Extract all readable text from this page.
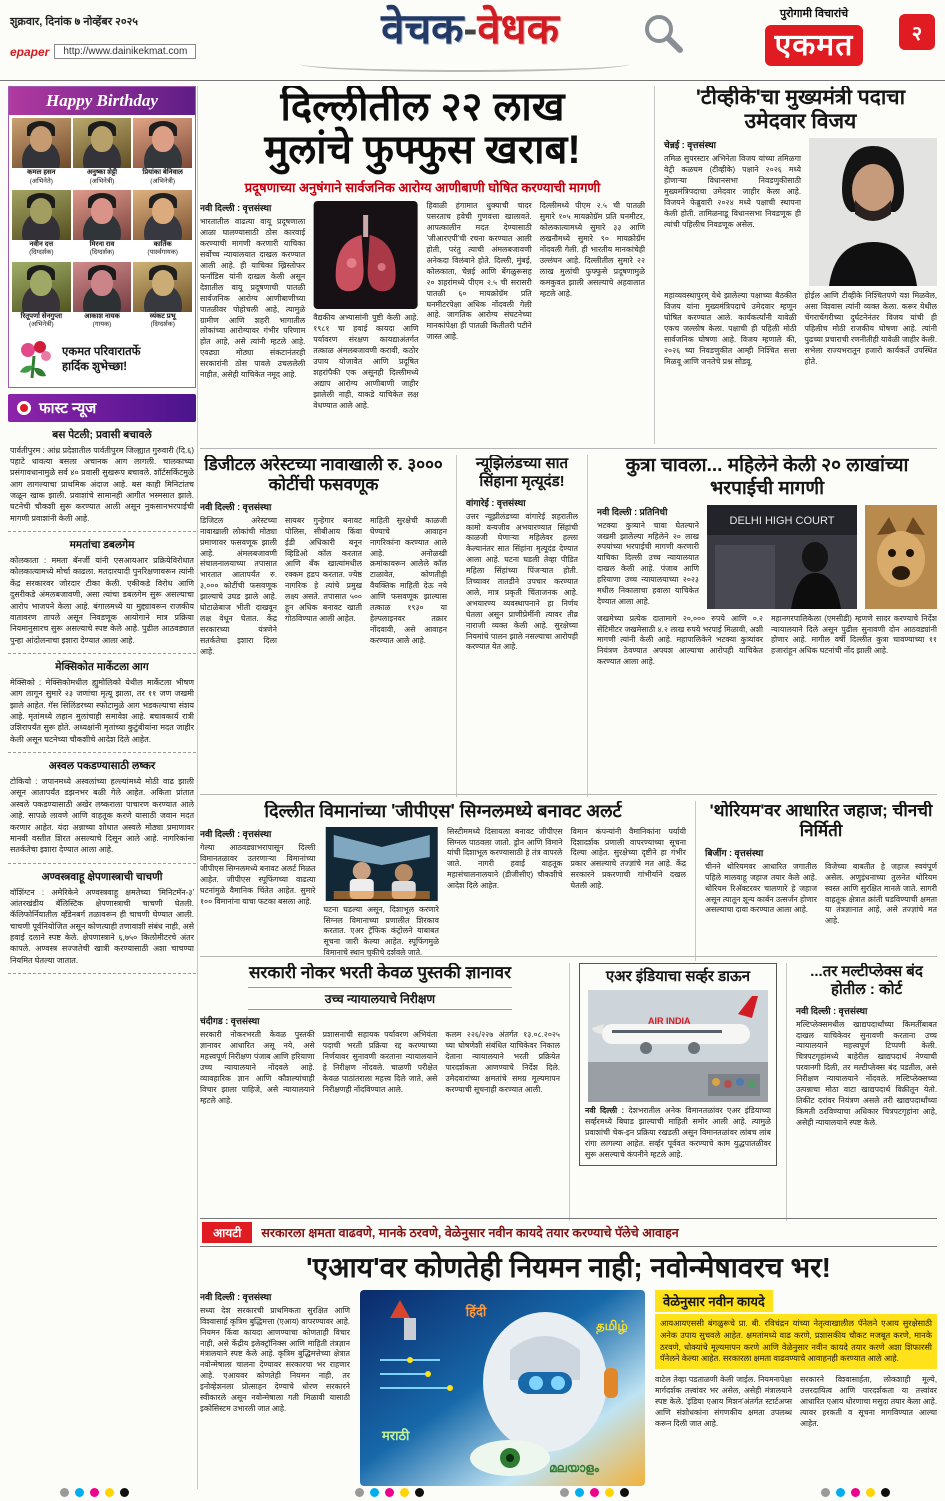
शुक्रवार, दिनांक ७ नोव्हेंबर २०२५
epaper	http://www.dainikekmat.com	वेचक-वेधक	पुरोगामी विचारांचे
एकमत	२
Happy Birthday
कमल हसन
(अभिनेते)
अनुष्का शेट्टी
(अभिनेत्री)
प्रियांका बेनिवाल
(अभिनेत्री)
नवीन दत्त
(दिग्दर्शक)
मिरना राव
(दिग्दर्शक)
कार्तिक
(पार्श्वगायक)
रितूपर्णा सेनगुप्ता
(अभिनेत्री)
आकाश नायक
(गायक)
व्यंकट प्रभू
(दिग्दर्शक)
एकमत परिवारातर्फे
हार्दिक शुभेच्छा!
फास्ट न्यूज
बस पेटली; प्रवासी बचावले

पार्वतीपुरम : आंध्र प्रदेशातील पार्वतीपुरम जिल्ह्यात गुरुवारी (दि.६) पहाटे धावत्या बसला अचानक आग लागली. चालकाच्या प्रसंगावधानामुळे सर्व ४० प्रवासी सुखरूप बचावले. शॉर्टसर्किटमुळे आग लागल्याचा प्राथमिक अंदाज आहे. बस काही मिनिटांतच जळून खाक झाली. प्रवाशांचे सामानही आगीत भस्मसात झाले. घटनेची चौकशी सुरू करण्यात आली असून नुकसानभरपाईची मागणी प्रवाशांनी केली आहे.

ममतांचा डबलगेम

कोलकाता : ममता बॅनर्जी यांनी एसआयआर प्रक्रियेविरोधात कोलकात्यामध्ये मोर्चा काढला. मतदारयादी पुनरिक्षणावरून त्यांनी केंद्र सरकारवर जोरदार टीका केली. एकीकडे विरोध आणि दुसरीकडे अंमलबजावणी, असा त्यांचा डबलगेम सुरू असल्याचा आरोप भाजपने केला आहे. बंगालमध्ये या मुद्द्यावरून राजकीय वातावरण तापले असून निवडणूक आयोगाने मात्र प्रक्रिया नियमानुसारच सुरू असल्याचे स्पष्ट केले आहे. पुढील आठवड्यात पुन्हा आंदोलनाचा इशारा देण्यात आला आहे.

मेक्सिकोत मार्केटला आग

मेक्सिको : मेक्सिकोमधील ह्युमोलिको येथील मार्केटला भीषण आग लागून सुमारे २३ जणांचा मृत्यू झाला, तर ११ जण जखमी झाले आहेत. गॅस सिलिंडरच्या स्फोटामुळे आग भडकल्याचा संशय आहे. मृतांमध्ये लहान मुलांचाही समावेश आहे. बचावकार्य रात्री उशिरापर्यंत सुरू होते. अध्यक्षांनी मृतांच्या कुटुंबीयांना मदत जाहीर केली असून घटनेच्या चौकशीचे आदेश दिले आहेत.

अस्वल पकडण्यासाठी लष्कर

टोकियो : जपानमध्ये अस्वलांच्या हल्ल्यांमध्ये मोठी वाढ झाली असून आतापर्यंत डझनभर बळी गेले आहेत. अकिता प्रांतात अस्वले पकडण्यासाठी अखेर लष्कराला पाचारण करण्यात आले आहे. सापळे लावणे आणि वाहतूक करणे यासाठी जवान मदत करणार आहेत. यंदा अन्नाच्या शोधात अस्वले मोठ्या प्रमाणावर मानवी वस्तीत शिरत असल्याचे दिसून आले आहे. नागरिकांना सतर्कतेचा इशारा देण्यात आला आहे.

अण्वस्त्रवाहू क्षेपणास्त्राची चाचणी

वॉशिंग्टन : अमेरिकेने अण्वस्त्रवाहू क्षमतेच्या 'मिनिटमॅन-३' आंतरखंडीय बॅलिस्टिक क्षेपणास्त्राची चाचणी घेतली. कॅलिफोर्नियातील व्हँडेनबर्ग तळावरून ही चाचणी घेण्यात आली. चाचणी पूर्वनियोजित असून कोणत्याही तणावाशी संबंध नाही, असे हवाई दलाने स्पष्ट केले. क्षेपणास्त्राने ६,७५० किलोमीटरचे अंतर कापले. अण्वस्त्र सज्जतेची खात्री करण्यासाठी अशा चाचण्या नियमित घेतल्या जातात.

दिल्लीतील २२ लाख
मुलांचे फुफ्फुस खराब!
प्रदूषणाच्या अनुषंगाने सार्वजनिक आरोग्य आणीबाणी घोषित करण्याची मागणी
नवी दिल्ली : वृत्तसंस्था

भारतातील वाढत्या वायू प्रदूषणाला आळा घालण्यासाठी ठोस कारवाई करण्याची मागणी करणारी याचिका सर्वोच्च न्यायालयात दाखल करण्यात आली आहे. ही याचिका ख्रिस्तोफर फर्नांडिस यांनी दाखल केली असून देशातील वायू प्रदूषणाची पातळी सार्वजनिक आरोग्य आणीबाणीच्या पातळीवर पोहोचली आहे, त्यामुळे ग्रामीण आणि शहरी भागातील लोकांच्या आरोग्यावर गंभीर परिणाम होत आहे, असे त्यांनी म्हटले आहे. एवढ्या मोठ्या संकटानंतरही सरकारांनी ठोस पावले उचललेली नाहीत, असेही याचिकेत नमूद आहे.

वैद्यकीय अभ्यासांनी पुष्टी केली आहे. १९८१ चा हवाई कायदा आणि पर्यावरण संरक्षण कायद्याअंतर्गत तत्काळ अंमलबजावणी करावी, कठोर उपाय योजावेत आणि प्रदूषित शहरांपैकी एक असूनही दिल्लीमध्ये अद्याप आरोग्य आणीबाणी जाहीर झालेली नाही, याकडे याचिकेत लक्ष वेधण्यात आले आहे.

हिवाळी हंगामात धुक्याची चादर पसरताच हवेची गुणवत्ता खालावते. आपत्कालीन मदत देण्यासाठी 'जीआरएपी'ची रचना करण्यात आली होती, परंतु त्याची अंमलबजावणी अनेकदा विलंबाने होते. दिल्ली, मुंबई, कोलकाता, चेन्नई आणि बेंगळुरूसह २० शहरांमध्ये पीएम २.५ ची सरासरी पातळी ६० मायक्रोग्रॅम प्रति घनमीटरपेक्षा अधिक नोंदवली गेली आहे. जागतिक आरोग्य संघटनेच्या मानकांपेक्षा ही पातळी कितीतरी पटीने जास्त आहे.

दिल्लीमध्ये पीएम २.५ ची पातळी सुमारे १०५ मायक्रोग्रॅम प्रति घनमीटर, कोलकात्यामध्ये सुमारे ३३ आणि लखनौमध्ये सुमारे ९० मायक्रोग्रॅम नोंदवली गेली. ही भारतीय मानकांचेही उल्लंघन आहे. दिल्लीतील सुमारे २२ लाख मुलांची फुफ्फुसे प्रदूषणामुळे कमकुवत झाली असल्याचे अहवालात म्हटले आहे.

'टीव्हीके'चा मुख्यमंत्री पदाचा उमेदवार विजय
चेन्नई : वृत्तसंस्था

तमिळ सुपरस्टार अभिनेता विजय यांच्या तमिळगा वेट्री कळघम (टीव्हीके) पक्षाने २०२६ मध्ये होणाऱ्या विधानसभा निवडणुकीसाठी मुख्यमंत्रिपदाचा उमेदवार जाहीर केला आहे. विजयने फेब्रुवारी २०२४ मध्ये पक्षाची स्थापना केली होती. तामिळनाडू विधानसभा निवडणूक ही त्यांची पहिलीच निवडणूक असेल.

महाव्यवस्थापुरम् येथे झालेल्या पक्षाच्या बैठकीत विजय यांना मुख्यमंत्रिपदाचे उमेदवार म्हणून घोषित करण्यात आले. कार्यकर्त्यांनी यावेळी एकच जल्लोष केला. पक्षाची ही पहिली मोठी सार्वजनिक घोषणा आहे. विजय म्हणाले की, २०२६ च्या निवडणुकीत आम्ही निश्चित सत्ता मिळवू आणि जनतेचे प्रश्न सोडवू.

होईल आणि टीव्हीके निश्चितपणे यश मिळवेल, असा विश्वास त्यांनी व्यक्त केला. करूर येथील चेंगराचेंगरीच्या दुर्घटनेनंतर विजय यांची ही पहिलीच मोठी राजकीय घोषणा आहे. त्यांनी पुढच्या प्रचाराची रणनीतीही यावेळी जाहीर केली. सभेला राज्यभरातून हजारो कार्यकर्ते उपस्थित होते.

डिजीटल अरेस्टच्या नावाखाली रु. ३००० कोटींची फसवणूक
नवी दिल्ली : वृत्तसंस्था

डिजिटल अरेस्टच्या नावाखाली लोकांची मोठ्या प्रमाणावर फसवणूक झाली आहे. अंमलबजावणी संचालनालयाच्या तपासात भारतात आतापर्यंत रु. ३,००० कोटींची फसवणूक झाल्याचे उघड झाले आहे. घोटाळेबाज भीती दाखवून लक्ष वेधून घेतात. केंद्र सरकारच्या यंत्रणेने सतर्कतेचा इशारा दिला आहे.

सायबर गुन्हेगार बनावट पोलिस, सीबीआय किंवा ईडी अधिकारी बनून व्हिडिओ कॉल करतात आणि बँक खात्यांमधील रक्कम हडप करतात. ज्येष्ठ नागरिक हे त्यांचे प्रमुख लक्ष्य असते. तपासात ५०० हून अधिक बनावट खाती गोठविण्यात आली आहेत.

माहिती सुरक्षेची काळजी घेण्याचे आवाहन नागरिकांना करण्यात आले आहे. अनोळखी क्रमांकावरून आलेले कॉल टाळावेत, कोणतीही वैयक्तिक माहिती देऊ नये आणि फसवणूक झाल्यास तत्काळ १९३० या हेल्पलाइनवर तक्रार नोंदवावी, असे आवाहन करण्यात आले आहे.

न्यूझिलंडच्या सात सिंहाना मृत्यूदंड!
वांगारेई : वृत्तसंस्था

उत्तर न्यूझीलंडच्या वांगारेई शहरातील कामो वन्यजीव अभयारण्यात सिंहांची काळजी घेणाऱ्या महिलेवर हल्ला केल्यानंतर सात सिंहांना मृत्यूदंड देण्यात आला आहे. घटना घडली तेव्हा पीडित महिला सिंहांच्या पिंजऱ्यात होती. तिच्यावर तातडीने उपचार करण्यात आले, मात्र प्रकृती चिंताजनक आहे. अभयारण्य व्यवस्थापनाने हा निर्णय घेतला असून प्राणीप्रेमींनी त्यावर तीव्र नाराजी व्यक्त केली आहे. सुरक्षेच्या नियमांचे पालन झाले नसल्याचा आरोपही करण्यात येत आहे.

कुत्रा चावला... महिलेने केली २० लाखांच्या भरपाईची मागणी
नवी दिल्ली : प्रतिनिधी

भटक्या कुत्र्याने चावा घेतल्याने जखमी झालेल्या महिलेने २० लाख रुपयांच्या भरपाईची मागणी करणारी याचिका दिल्ली उच्च न्यायालयात दाखल केली आहे. पंजाब आणि हरियाणा उच्च न्यायालयाच्या २०२३ मधील निकालाचा हवाला याचिकेत देण्यात आला आहे.

DELHI HIGH COURT

जखमेच्या प्रत्येक दातामागे २०,००० रुपये आणि ०.२ सेंटिमीटर जखमेसाठी ४.२ लाख रुपये भरपाई मिळावी, अशी मागणी त्यांनी केली आहे. महापालिकेने भटक्या कुत्र्यांवर नियंत्रण ठेवण्यात अपयश आल्याचा आरोपही याचिकेत करण्यात आला आहे.

महानगरपालिकेला (एमसीडी) म्हणणे सादर करण्याचे निर्देश न्यायालयाने दिले असून पुढील सुनावणी दोन आठवड्यांनी होणार आहे. मागील वर्षी दिल्लीत कुत्रा चावण्याच्या ११ हजारांहून अधिक घटनांची नोंद झाली आहे.

दिल्लीत विमानांच्या 'जीपीएस' सिग्नलमध्ये बनावट अलर्ट
नवी दिल्ली : वृत्तसंस्था

गेल्या आठवड्याभरापासून दिल्ली विमानतळावर उतरणाऱ्या विमानांच्या जीपीएस सिग्नलमध्ये बनावट अलर्ट मिळत आहेत. जीपीएस स्पूफिंगच्या वाढत्या घटनांमुळे वैमानिक चिंतेत आहेत. सुमारे १०० विमानांना याचा फटका बसला आहे.

घटना घडल्या असून, दिशाभूल करणारे सिग्नल विमानाच्या प्रणालीत शिरकाव करतात. एअर ट्रॅफिक कंट्रोलने याबाबत सूचना जारी केल्या आहेत. स्पूफिंगमुळे विमानाचे स्थान चुकीचे दर्शवले जाते.

सिस्टीममध्ये दिसायला बनावट जीपीएस सिग्नल पाठवला जातो. ड्रोन आणि विमाने यांची दिशाभूल करण्यासाठी हे तंत्र वापरले जाते. नागरी हवाई वाहतूक महासंचालनालयाने (डीजीसीए) चौकशीचे आदेश दिले आहेत.

विमान कंपन्यांनी वैमानिकांना पर्यायी दिशादर्शक प्रणाली वापरण्याच्या सूचना दिल्या आहेत. सुरक्षेच्या दृष्टीने हा गंभीर प्रकार असल्याचे तज्ज्ञांचे मत आहे. केंद्र सरकारने प्रकरणाची गांभीर्याने दखल घेतली आहे.

'थोरियम'वर आधारित जहाज; चीनची निर्मिती
बिजींग : वृत्तसंस्था

चीनने थोरियमवर आधारित जगातील पहिले मालवाहू जहाज तयार केले आहे. थोरियम रिअ‍ॅक्टरवर चालणारे हे जहाज असून त्यातून शून्य कार्बन उत्सर्जन होणार असल्याचा दावा करण्यात आला आहे.

विजेच्या बाबतीत हे जहाज स्वयंपूर्ण असेल. अणुइंधनाच्या तुलनेत थोरियम स्वस्त आणि सुरक्षित मानले जाते. सागरी वाहतूक क्षेत्रात क्रांती घडविण्याची क्षमता या तंत्रज्ञानात आहे, असे तज्ज्ञांचे मत आहे.

सरकारी नोकर भरती केवळ पुस्तकी ज्ञानावर
उच्च न्यायालयाचे निरीक्षण
चंदीगड : वृत्तसंस्था

सरकारी नोकरभरती केवळ पुस्तकी ज्ञानावर आधारित असू नये, असे महत्त्वपूर्ण निरीक्षण पंजाब आणि हरियाणा उच्च न्यायालयाने नोंदवले आहे. व्यावहारिक ज्ञान आणि कौशल्यांचाही विचार झाला पाहिजे, असे न्यायालयाने म्हटले आहे.

प्रशासनाची सहायक पर्यावरण अभियंता पदाची भरती प्रक्रिया रद्द करण्याच्या निर्णयावर सुनावणी करताना न्यायालयाने हे निरीक्षण नोंदवले. चाळणी परीक्षेत केवळ पाठांतराला महत्त्व दिले जाते, असे निरीक्षणही नोंदविण्यात आले.

कलम २२६/२२७ अंतर्गत १३.०८.२०२५ च्या घोषणेशी संबंधित याचिकेवर निकाल देताना न्यायालयाने भरती प्रक्रियेत पारदर्शकता आणण्याचे निर्देश दिले. उमेदवारांच्या क्षमतांचे समग्र मूल्यमापन करण्याची सूचनाही करण्यात आली.

एअर इंडियाचा सर्व्हर डाऊन
AIR INDIA

नवी दिल्ली : देशभरातील अनेक विमानतळांवर एअर इंडियाच्या सर्व्हरमध्ये बिघाड झाल्याची माहिती समोर आली आहे. त्यामुळे प्रवाशांची चेक-इन प्रक्रिया रखडली असून विमानतळांवर लांबच लांब रांगा लागल्या आहेत. सर्व्हर पूर्ववत करण्याचे काम युद्धपातळीवर सुरू असल्याचे कंपनीने म्हटले आहे.

...तर मल्टीप्लेक्स बंद होतील : कोर्ट
नवी दिल्ली : वृत्तसंस्था

मल्टिप्लेक्समधील खाद्यपदार्थांच्या किमतींबाबत दाखल याचिकेवर सुनावणी करताना उच्च न्यायालयाने महत्त्वपूर्ण टिप्पणी केली. चित्रपटगृहांमध्ये बाहेरील खाद्यपदार्थ नेण्याची परवानगी दिली, तर मल्टीप्लेक्स बंद पडतील, असे निरीक्षण न्यायालयाने नोंदवले. मल्टिप्लेक्सच्या उत्पन्नाचा मोठा वाटा खाद्यपदार्थ विक्रीतून येतो. तिकीट दरांवर नियंत्रण असले तरी खाद्यपदार्थांच्या किमती ठरविण्याचा अधिकार चित्रपटगृहांना आहे, असेही न्यायालयाने स्पष्ट केले.

आयटी	सरकारला क्षमता वाढवणे, मानके ठरवणे, वेळेनुसार नवीन कायदे तयार करण्याचे पॅलेचे आवाहन
'एआय'वर कोणतेही नियमन नाही; नवोन्मेषावरच भर!
नवी दिल्ली : वृत्तसंस्था

सध्या देश सरकारची प्राथमिकता सुरक्षित आणि विश्वासार्ह कृत्रिम बुद्धिमत्ता (एआय) वापरण्यावर आहे. नियमन किंवा कायदा आणण्याचा कोणताही विचार नाही, असे केंद्रीय इलेक्ट्रॉनिक्स आणि माहिती तंत्रज्ञान मंत्रालयाने स्पष्ट केले आहे. कृत्रिम बुद्धिमत्तेच्या क्षेत्रात नवोन्मेषाला चालना देण्यावर सरकारचा भर राहणार आहे. एआयवर कोणतेही नियमन नाही, तर इनोव्हेशनला प्रोत्साहन देण्याचे धोरण सरकारने स्वीकारले असून नवोन्मेषाला गती मिळावी यासाठी इकोसिस्टम उभारली जात आहे.

தமிழ்
हिंदी
मराठी
മലയാളം
वेळेनुसार नवीन कायदे

आयआयएससी बंगळुरूचे प्रा. बी. रविचंद्रन यांच्या नेतृत्वाखालील पॅनेलने एआय सुरक्षेसाठी अनेक उपाय सुचवले आहेत. क्षमतांमध्ये वाढ करणे, प्रशासकीय चौकट मजबूत करणे, मानके ठरवणे, धोक्यांचे मूल्यमापन करणे आणि वेळेनुसार नवीन कायदे तयार करणे अशा शिफारसी पॅनेलने केल्या आहेत. सरकारला क्षमता वाढवण्याचे आवाहनही करण्यात आले आहे.

वाटेल तेव्हा पडताळणी केली जाईल. नियमनापेक्षा मार्गदर्शक तत्त्वांवर भर असेल, असेही मंत्रालयाने स्पष्ट केले. 'इंडिया एआय मिशन'अंतर्गत स्टार्टअप्स आणि संशोधकांना संगणकीय क्षमता उपलब्ध करून दिली जात आहे.

सरकारने विश्वासार्हता, लोकशाही मूल्ये, उत्तरदायित्व आणि पारदर्शकता या तत्त्वांवर आधारित एआय धोरणाचा मसुदा तयार केला आहे. त्यावर हरकती व सूचना मागविण्यात आल्या आहेत.
